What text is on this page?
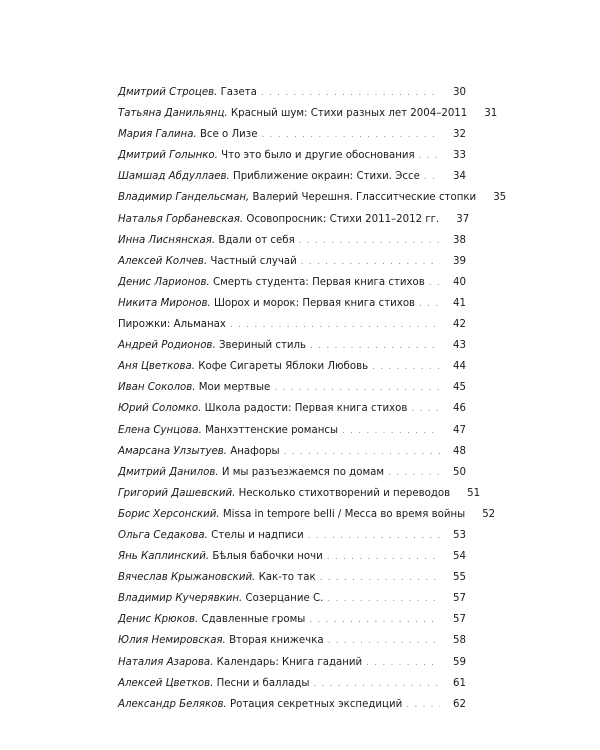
Дмитрий Строцев. Газета . . .	30
Татьяна Данильянц. Красный шум: Стихи разных лет 2004–2011	31
Мария Галина. Все о Лизе . . .	32
Дмитрий Голынко. Что это было и другие обоснования . . .	33
Шамшад Абдуллаев. Приближение окраин: Стихи. Эссе . . .	34
Владимир Гандельсман, Валерий Черешня. Гласситческие стопки	35
Наталья Горбаневская. Осовопросник: Стихи 2011–2012 гг.	37
Инна Лиснянская. Вдали от себя . . .	38
Алексей Колчев. Частный случай . . .	39
Денис Ларионов. Смерть студента: Первая книга стихов . . .	40
Никита Миронов. Шорох и морок: Первая книга стихов . . .	41
Пирожки: Альманах . . .	42
Андрей Родионов. Звериный стиль . . .	43
Аня Цветкова. Кофе Сигареты Яблоки Любовь . . .	44
Иван Соколов. Мои мертвые . . .	45
Юрий Соломко. Школа радости: Первая книга стихов . . .	46
Елена Сунцова. Манхэттенские романсы . . .	47
Амарсана Улзытуев. Анафоры . . .	48
Дмитрий Данилов. И мы разъезжаемся по домам . . .	50
Григорий Дашевский. Несколько стихотворений и переводов	51
Борис Херсонский. Missa in tempore belli / Месса во время войны	52
Ольга Седакова. Стелы и надписи . . .	53
Янь Каплинский. Бѣлыя бабочки ночи . . .	54
Вячеслав Крыжановский. Как-то так . . .	55
Владимир Кучерявкин. Созерцание С. . . .	57
Денис Крюков. Сдавленные громы . . .	57
Юлия Немировская. Вторая книжечка . . .	58
Наталия Азарова. Календарь: Книга гаданий . . .	59
Алексей Цветков. Песни и баллады . . .	61
Александр Беляков. Ротация секретных экспедиций . . .	62
